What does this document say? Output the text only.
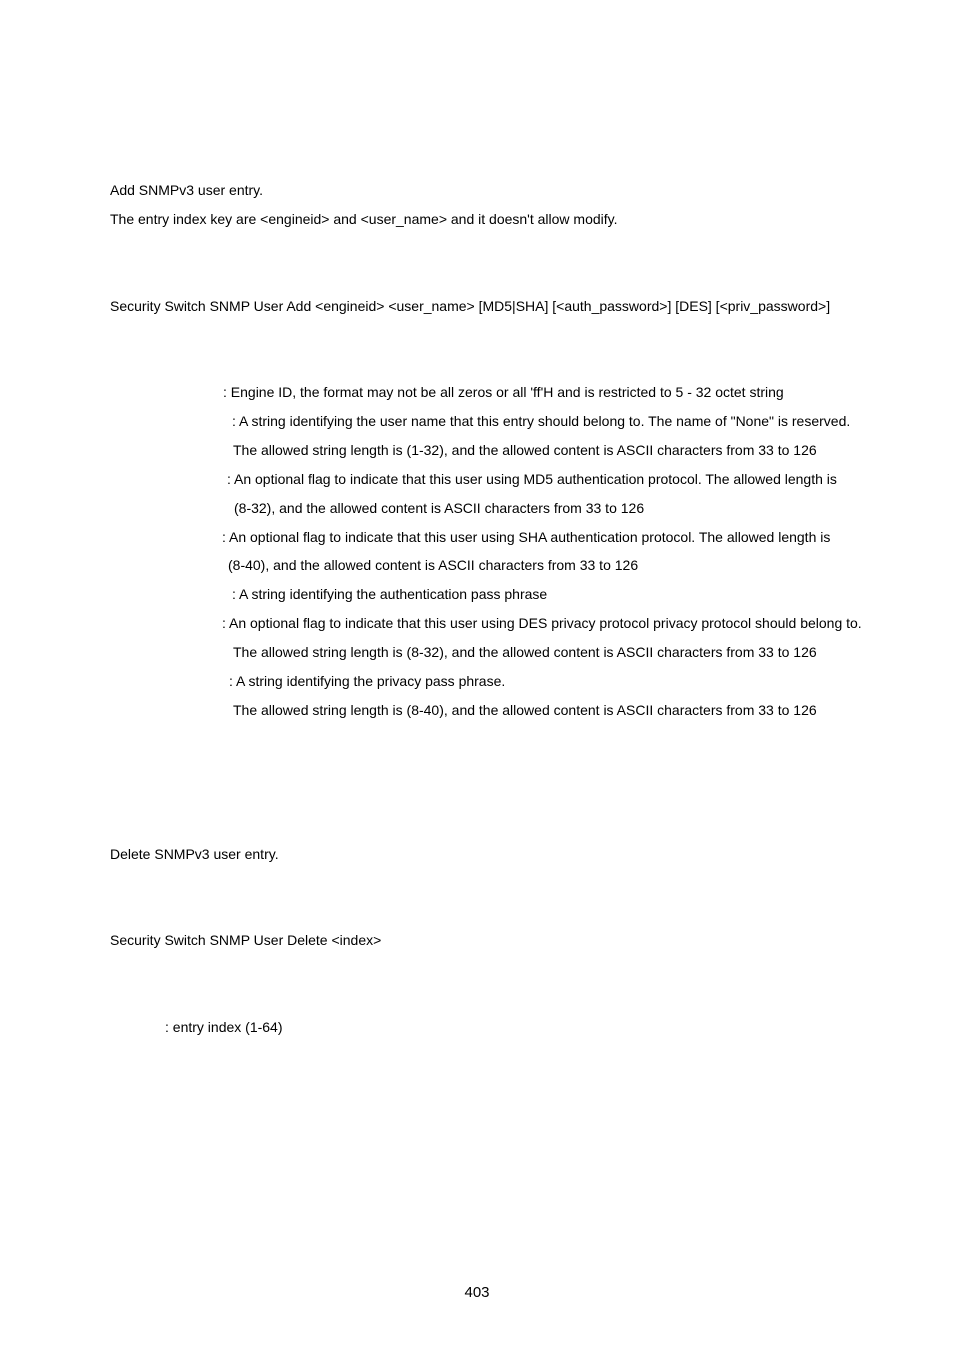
Add SNMPv3 user entry.
The entry index key are <engineid> and <user_name> and it doesn't allow modify.
Security Switch SNMP User Add <engineid> <user_name> [MD5|SHA] [<auth_password>] [DES] [<priv_password>]
: Engine ID, the format may not be all zeros or all 'ff'H and is restricted to 5 - 32 octet string
: A string identifying the user name that this entry should belong to. The name of "None" is reserved.
The allowed string length is (1-32), and the allowed content is ASCII characters from 33 to 126
: An optional flag to indicate that this user using MD5 authentication protocol. The allowed length is
(8-32), and the allowed content is ASCII characters from 33 to 126
: An optional flag to indicate that this user using SHA authentication protocol. The allowed length is
(8-40), and the allowed content is ASCII characters from 33 to 126
: A string identifying the authentication pass phrase
: An optional flag to indicate that this user using DES privacy protocol privacy protocol should belong to.
The allowed string length is (8-32), and the allowed content is ASCII characters from 33 to 126
: A string identifying the privacy pass phrase.
The allowed string length is (8-40), and the allowed content is ASCII characters from 33 to 126
Delete SNMPv3 user entry.
Security Switch SNMP User Delete <index>
: entry index (1-64)
403
